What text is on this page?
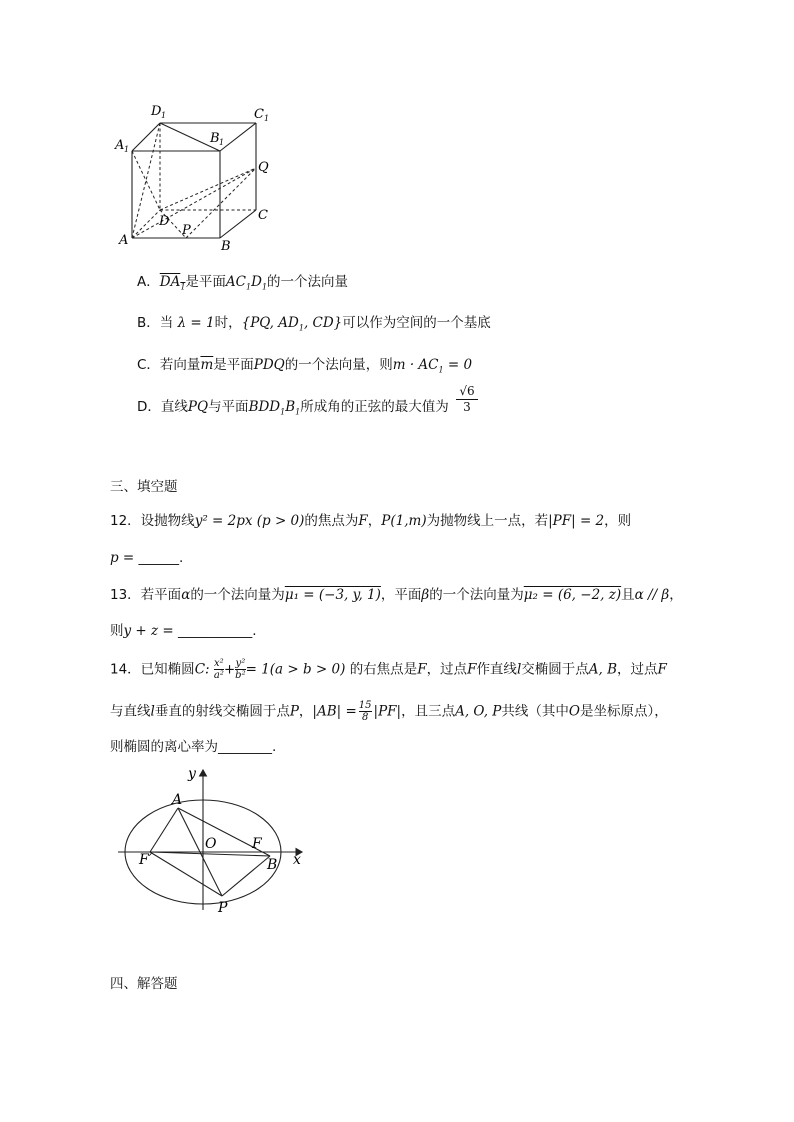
D 1	C 1
A 1
B 1
Q
C
D
P
A	B
A．$DA_1$是平面$AC_1D_1$的一个法向量
B．当 λ = 1时，{PQ, $AD_1$, CD}可以作为空间的一个基底
C．若向量$\overline{m}$是平面PDQ的一个法向量，则$m \cdot AC_1 = 0$
D．直线PQ与平面$BDD_1B_1$所成角的正弦的最大值为
√6
3
三、填空题
12．设抛物线y² = 2px (p > 0)的焦点为F，P(1,m)为抛物线上一点，若|PF| = 2，则
p = ______.
13．若平面α的一个法向量为μ₁ = (−3, y, 1)，平面β的一个法向量为μ₂ = (6, −2, z)且α // β，
则y + z = ___________.
14．已知椭圆C: $\frac{\text{x²}}{\text{a²}} + \frac{\text{y²}}{\text{b²}} = 1(a > b > 0)$ 的右焦点是F，过点F作直线l交椭圆于点A, B，过点F
与直线l垂直的射线交椭圆于点P，$|AB| = \frac{15}{8} |PF|$，且三点A, O, P共线（其中O是坐标原点），
则椭圆的离心率为________.
y
A
O	F
x
F′	B
P
四、解答题
